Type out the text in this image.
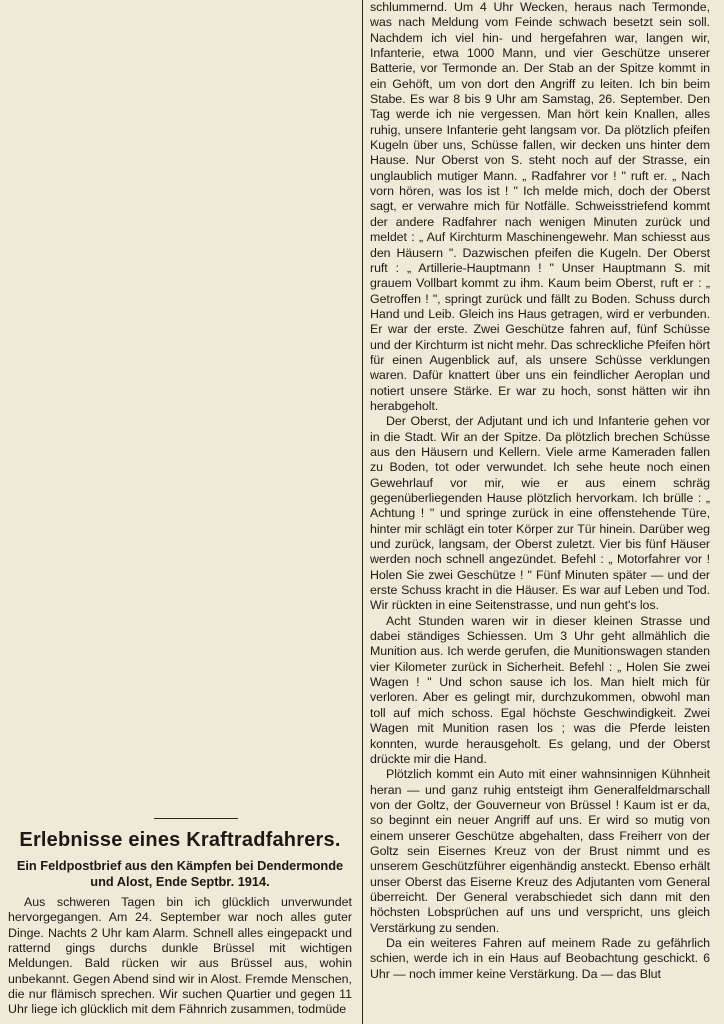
schlummernd. Um 4 Uhr Wecken, heraus nach Termonde, was nach Meldung vom Feinde schwach besetzt sein soll. Nachdem ich viel hin- und hergefahren war, langen wir, Infanterie, etwa 1000 Mann, und vier Geschütze unserer Batterie, vor Termonde an. Der Stab an der Spitze kommt in ein Gehöft, um von dort den Angriff zu leiten. Ich bin beim Stabe. Es war 8 bis 9 Uhr am Samstag, 26. September. Den Tag werde ich nie vergessen. Man hört kein Knallen, alles ruhig, unsere Infanterie geht langsam vor. Da plötzlich pfeifen Kugeln über uns, Schüsse fallen, wir decken uns hinter dem Hause. Nur Oberst von S. steht noch auf der Strasse, ein unglaublich mutiger Mann. „ Radfahrer vor ! " ruft er. „ Nach vorn hören, was los ist ! " Ich melde mich, doch der Oberst sagt, er verwahre mich für Notfälle. Schweisstriefend kommt der andere Radfahrer nach wenigen Minuten zurück und meldet : „ Auf Kirchturm Maschinengewehr. Man schiesst aus den Häusern ". Dazwischen pfeifen die Kugeln. Der Oberst ruft : „ Artillerie-Hauptmann ! " Unser Hauptmann S. mit grauem Vollbart kommt zu ihm. Kaum beim Oberst, ruft er : „ Getroffen ! ", springt zurück und fällt zu Boden. Schuss durch Hand und Leib. Gleich ins Haus getragen, wird er verbunden. Er war der erste. Zwei Geschütze fahren auf, fünf Schüsse und der Kirchturm ist nicht mehr. Das schreckliche Pfeifen hört für einen Augenblick auf, als unsere Schüsse verklungen waren. Dafür knattert über uns ein feindlicher Aeroplan und notiert unsere Stärke. Er war zu hoch, sonst hätten wir ihn herabgeholt.

Der Oberst, der Adjutant und ich und Infanterie gehen vor in die Stadt. Wir an der Spitze. Da plötzlich brechen Schüsse aus den Häusern und Kellern. Viele arme Kameraden fallen zu Boden, tot oder verwundet. Ich sehe heute noch einen Gewehrlauf vor mir, wie er aus einem schräg gegenüberliegenden Hause plötzlich hervorkam. Ich brülle : „ Achtung ! " und springe zurück in eine offenstehende Türe, hinter mir schlägt ein toter Körper zur Tür hinein. Darüber weg und zurück, langsam, der Oberst zuletzt. Vier bis fünf Häuser werden noch schnell angezündet. Befehl : „ Motorfahrer vor ! Holen Sie zwei Geschütze ! " Fünf Minuten später — und der erste Schuss kracht in die Häuser. Es war auf Leben und Tod. Wir rückten in eine Seitenstrasse, und nun geht's los.

Acht Stunden waren wir in dieser kleinen Strasse und dabei ständiges Schiessen. Um 3 Uhr geht allmählich die Munition aus. Ich werde gerufen, die Munitionswagen standen vier Kilometer zurück in Sicherheit. Befehl : „ Holen Sie zwei Wagen ! " Und schon sause ich los. Man hielt mich für verloren. Aber es gelingt mir, durchzukommen, obwohl man toll auf mich schoss. Egal höchste Geschwindigkeit. Zwei Wagen mit Munition rasen los ; was die Pferde leisten konnten, wurde herausgeholt. Es gelang, und der Oberst drückte mir die Hand.

Plötzlich kommt ein Auto mit einer wahnsinnigen Kühnheit heran — und ganz ruhig entsteigt ihm Generalfeldmarschall von der Goltz, der Gouverneur von Brüssel ! Kaum ist er da, so beginnt ein neuer Angriff auf uns. Er wird so mutig von einem unserer Geschütze abgehalten, dass Freiherr von der Goltz sein Eisernes Kreuz von der Brust nimmt und es unserem Geschützführer eigenhändig ansteckt. Ebenso erhält unser Oberst das Eiserne Kreuz des Adjutanten vom General überreicht. Der General verabschiedet sich dann mit den höchsten Lobsprüchen auf uns und verspricht, uns gleich Verstärkung zu senden.

Da ein weiteres Fahren auf meinem Rade zu gefährlich schien, werde ich in ein Haus auf Beobachtung geschickt. 6 Uhr — noch immer keine Verstärkung. Da — das Blut

Erlebnisse eines Kraftradfahrers.
Ein Feldpostbrief aus den Kämpfen bei Dendermonde und Alost, Ende Septbr. 1914.

Aus schweren Tagen bin ich glücklich unverwundet hervorgegangen. Am 24. September war noch alles guter Dinge. Nachts 2 Uhr kam Alarm. Schnell alles eingepackt und ratternd gings durchs dunkle Brüssel mit wichtigen Meldungen. Bald rücken wir aus Brüssel aus, wohin unbekannt. Gegen Abend sind wir in Alost. Fremde Menschen, die nur flämisch sprechen. Wir suchen Quartier und gegen 11 Uhr liege ich glücklich mit dem Fähnrich zusammen, todmüde
